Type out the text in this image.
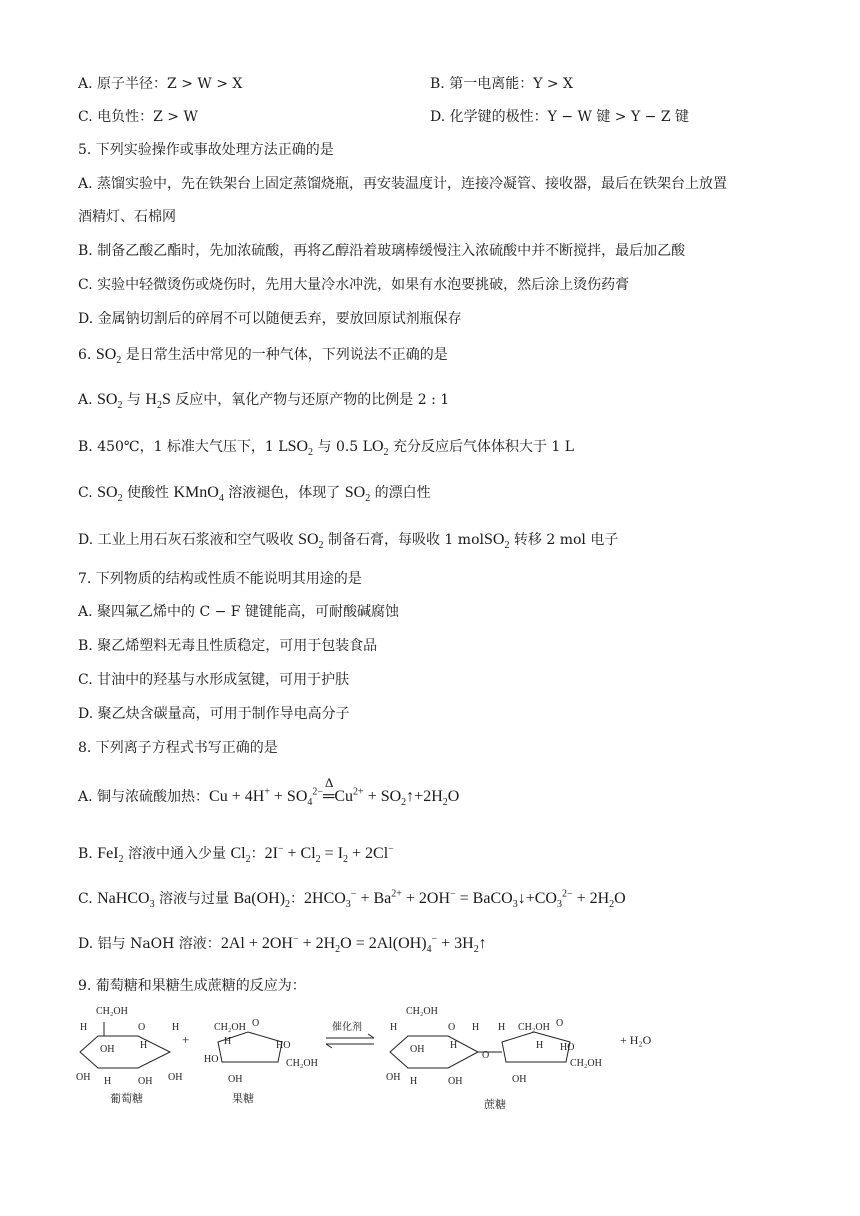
A. 原子半径：Z > W > X	B. 第一电离能：Y > X
C. 电负性：Z > W	D. 化学键的极性：Y − W 键 > Y − Z 键
5. 下列实验操作或事故处理方法正确的是
A. 蒸馏实验中，先在铁架台上固定蒸馏烧瓶，再安装温度计，连接冷凝管、接收器，最后在铁架台上放置
酒精灯、石棉网
B. 制备乙酸乙酯时，先加浓硫酸，再将乙醇沿着玻璃棒缓慢注入浓硫酸中并不断搅拌，最后加乙酸
C. 实验中轻微烫伤或烧伤时，先用大量冷水冲洗，如果有水泡要挑破，然后涂上烫伤药膏
D. 金属钠切割后的碎屑不可以随便丢弃，要放回原试剂瓶保存
6. $SO_2$ 是日常生活中常见的一种气体，下列说法不正确的是
A. $SO_2$ 与 $H_2S$ 反应中，氧化产物与还原产物的比例是 2 : 1
B. 450℃，1 标准大气压下，1 $LSO_2$ 与 0.5 $LO_2$ 充分反应后气体体积大于 1 L
C. $SO_2$ 使酸性 KMnO$_4$ 溶液褪色，体现了 $SO_2$ 的漂白性
D. 工业上用石灰石浆液和空气吸收 $SO_2$ 制备石膏，每吸收 1 molSO$_2$ 转移 2 mol 电子
7. 下列物质的结构或性质不能说明其用途的是
A. 聚四氟乙烯中的 C − F 键键能高，可耐酸碱腐蚀
B. 聚乙烯塑料无毒且性质稳定，可用于包装食品
C. 甘油中的羟基与水形成氢键，可用于护肤
D. 聚乙炔含碳量高，可用于制作导电高分子
8. 下列离子方程式书写正确的是
A. 铜与浓硫酸加热：$Cu + 4H^+ + SO_4^{2-}$
Δ
$═Cu^{2+}$ + $SO_2↑+2H_2O$
B. FeI$_2$ 溶液中通入少量 $Cl_2$：$2I^- + Cl_2 = I_2 + 2Cl^-$
C. NaHCO$_3$ 溶液与过量 $Ba(OH)_2$：$2HCO_3^- + Ba^{2+} + 2OH^-$ = $BaCO_3↓+CO_3^{2-} + 2H_2O$
D. 铝与 NaOH 溶液：$2Al + 2OH^- + 2H_2O = 2Al(OH)_4^-$ + $3H_2↑$
9. 葡萄糖和果糖生成蔗糖的反应为：
CH₂OH
O	H
H
OH	H
OH	OH
H	OH
+
CH₂OH O
HO
H	HO
CH₂OH
OH
催化剂
CH₂OH
O H
H
OH	H
OH H	OH
O
H CH₂OH O
H HO
CH₂OH
OH
+ H₂O
葡萄糖	果糖	蔗糖
